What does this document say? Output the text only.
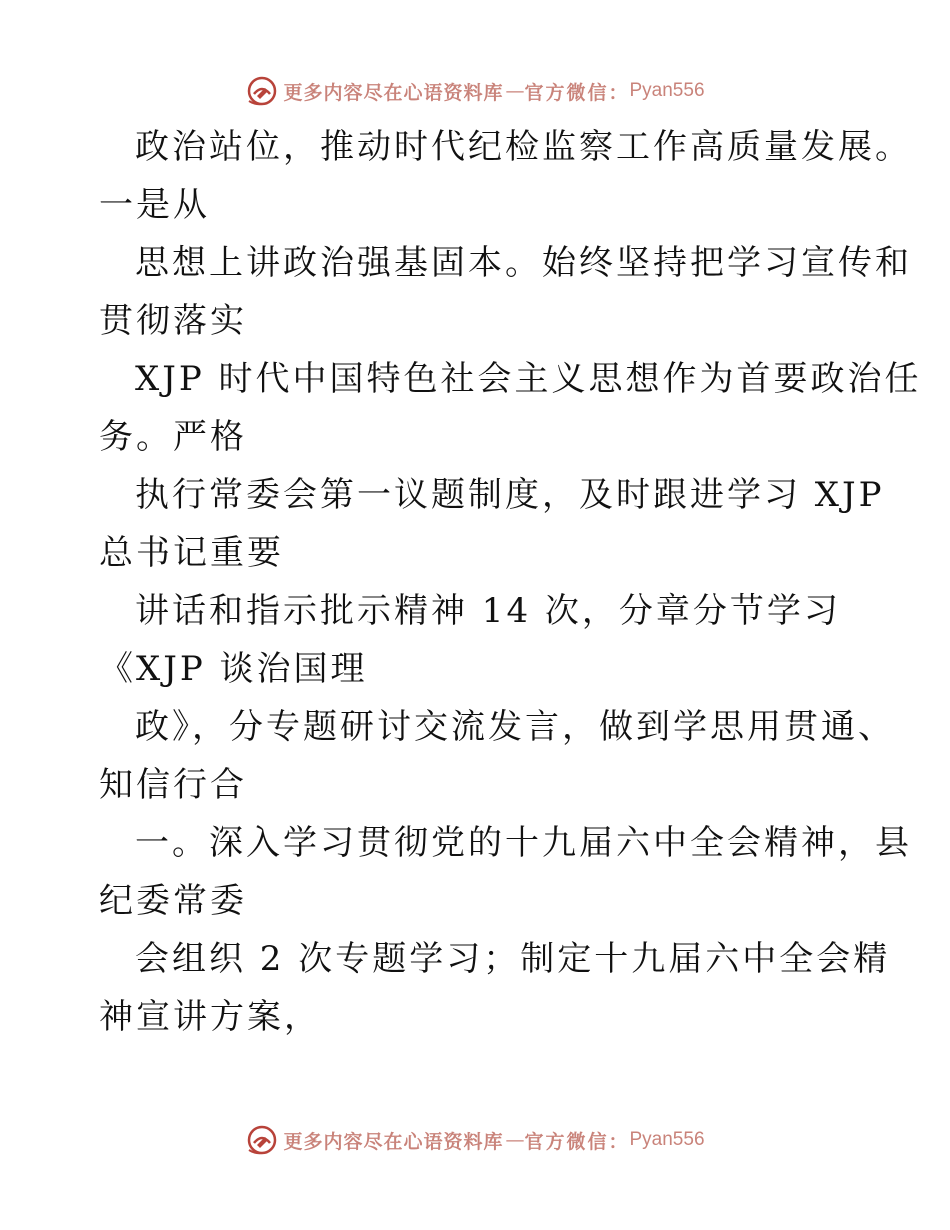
更多内容尽在心语资料库 — 官方微信： Pyan556
政治站位，推动时代纪检监察工作高质量发展。
一是从
思想上讲政治强基固本。始终坚持把学习宣传和
贯彻落实
XJP 时代中国特色社会主义思想作为首要政治任
务。严格
执行常委会第一议题制度，及时跟进学习 XJP
总书记重要
讲话和指示批示精神 14 次，分章分节学习
《XJP 谈治国理
政》，分专题研讨交流发言，做到学思用贯通、
知信行合
一。深入学习贯彻党的十九届六中全会精神，县
纪委常委
会组织 2 次专题学习；制定十九届六中全会精
神宣讲方案，
更多内容尽在心语资料库 — 官方微信： Pyan556
